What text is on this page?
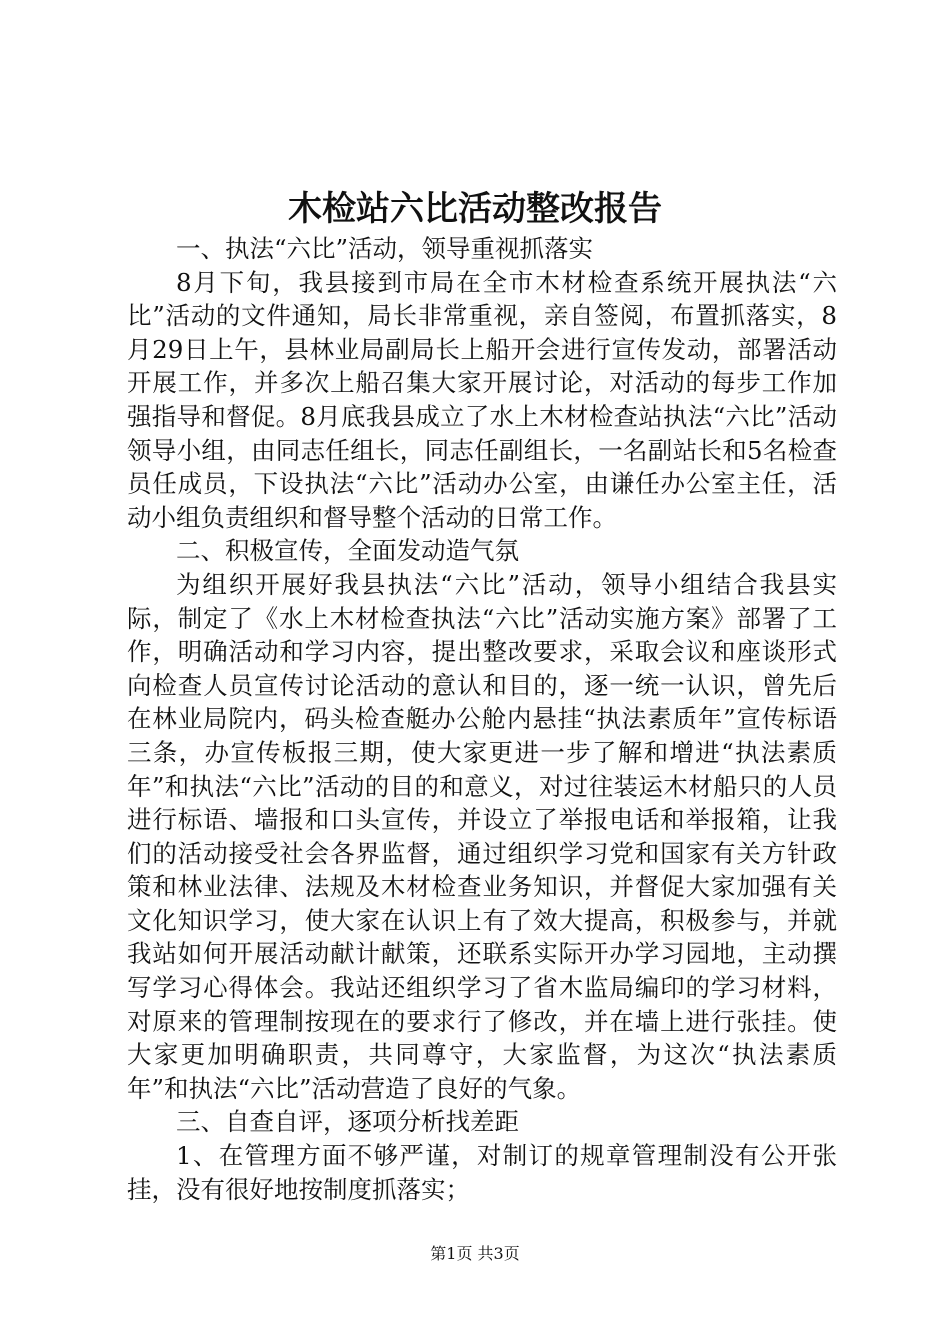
木检站六比活动整改报告

一、执法“六比”活动，领导重视抓落实

8月下旬，我县接到市局在全市木材检查系统开展执法“六比”活动的文件通知，局长非常重视，亲自签阅，布置抓落实，8月29日上午，县林业局副局长上船开会进行宣传发动，部署活动开展工作，并多次上船召集大家开展讨论，对活动的每步工作加强指导和督促。8月底我县成立了水上木材检查站执法“六比”活动领导小组，由同志任组长，同志任副组长，一名副站长和5名检查员任成员，下设执法“六比”活动办公室，由谦任办公室主任，活动小组负责组织和督导整个活动的日常工作。

二、积极宣传，全面发动造气氛

为组织开展好我县执法“六比”活动，领导小组结合我县实际，制定了《水上木材检查执法“六比”活动实施方案》部署了工作，明确活动和学习内容，提出整改要求，采取会议和座谈形式向检查人员宣传讨论活动的意认和目的，逐一统一认识，曾先后在林业局院内，码头检查艇办公舱内悬挂“执法素质年”宣传标语三条，办宣传板报三期，使大家更进一步了解和增进“执法素质年”和执法“六比”活动的目的和意义，对过往装运木材船只的人员进行标语、墙报和口头宣传，并设立了举报电话和举报箱，让我们的活动接受社会各界监督，通过组织学习党和国家有关方针政策和林业法律、法规及木材检查业务知识，并督促大家加强有关文化知识学习，使大家在认识上有了效大提高，积极参与，并就我站如何开展活动献计献策，还联系实际开办学习园地，主动撰写学习心得体会。我站还组织学习了省木监局编印的学习材料，对原来的管理制按现在的要求行了修改，并在墙上进行张挂。使大家更加明确职责，共同尊守，大家监督，为这次“执法素质年”和执法“六比”活动营造了良好的气象。

三、自查自评，逐项分析找差距

1、在管理方面不够严谨，对制订的规章管理制没有公开张挂，没有很好地按制度抓落实；

第1页 共3页
